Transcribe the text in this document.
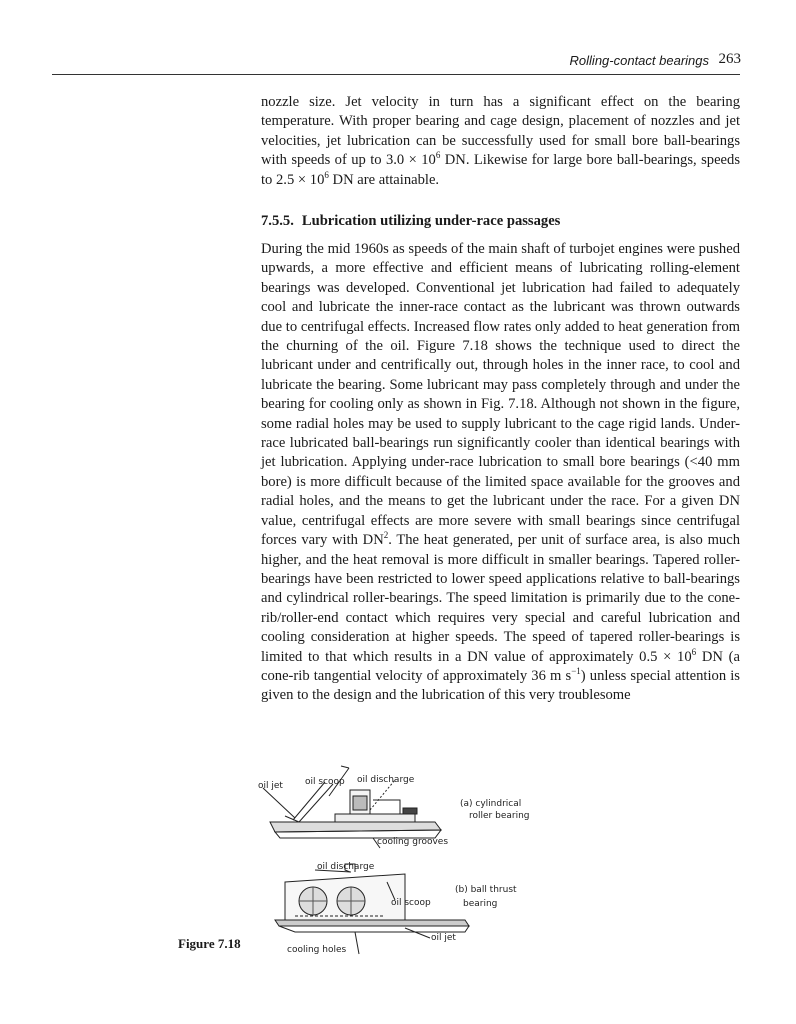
Rolling-contact bearings 263
nozzle size. Jet velocity in turn has a significant effect on the bearing temperature. With proper bearing and cage design, placement of nozzles and jet velocities, jet lubrication can be successfully used for small bore ball-bearings with speeds of up to $3.0 \times 10^6$ DN. Likewise for large bore ball-bearings, speeds to $2.5 \times 10^6$ DN are attainable.
7.5.5. Lubrication utilizing under-race passages
During the mid 1960s as speeds of the main shaft of turbojet engines were pushed upwards, a more effective and efficient means of lubricating rolling-element bearings was developed. Conventional jet lubrication had failed to adequately cool and lubricate the inner-race contact as the lubricant was thrown outwards due to centrifugal effects. Increased flow rates only added to heat generation from the churning of the oil. Figure 7.18 shows the technique used to direct the lubricant under and centrifically out, through holes in the inner race, to cool and lubricate the bearing. Some lubricant may pass completely through and under the bearing for cooling only as shown in Fig. 7.18. Although not shown in the figure, some radial holes may be used to supply lubricant to the cage rigid lands. Under-race lubricated ball-bearings run significantly cooler than identical bearings with jet lubrication. Applying under-race lubrication to small bore bearings (<40 mm bore) is more difficult because of the limited space available for the grooves and radial holes, and the means to get the lubricant under the race. For a given DN value, centrifugal effects are more severe with small bearings since centrifugal forces vary with $DN^2$. The heat generated, per unit of surface area, is also much higher, and the heat removal is more difficult in smaller bearings. Tapered roller-bearings have been restricted to lower speed applications relative to ball-bearings and cylindrical roller-bearings. The speed limitation is primarily due to the cone-rib/roller-end contact which requires very special and careful lubrication and cooling consideration at higher speeds. The speed of tapered roller-bearings is limited to that which results in a DN value of approximately $0.5 \times 10^6$ DN (a cone-rib tangential velocity of approximately 36 m $s^{-1}$) unless special attention is given to the design and the lubrication of this very troublesome
oil jet oil scoop oil discharge
(a) cylindrical
roller bearing
cooling grooves
oil discharge
(b) ball thrust
bearing
oil scoop
oil jet
cooling holes
Figure 7.18
